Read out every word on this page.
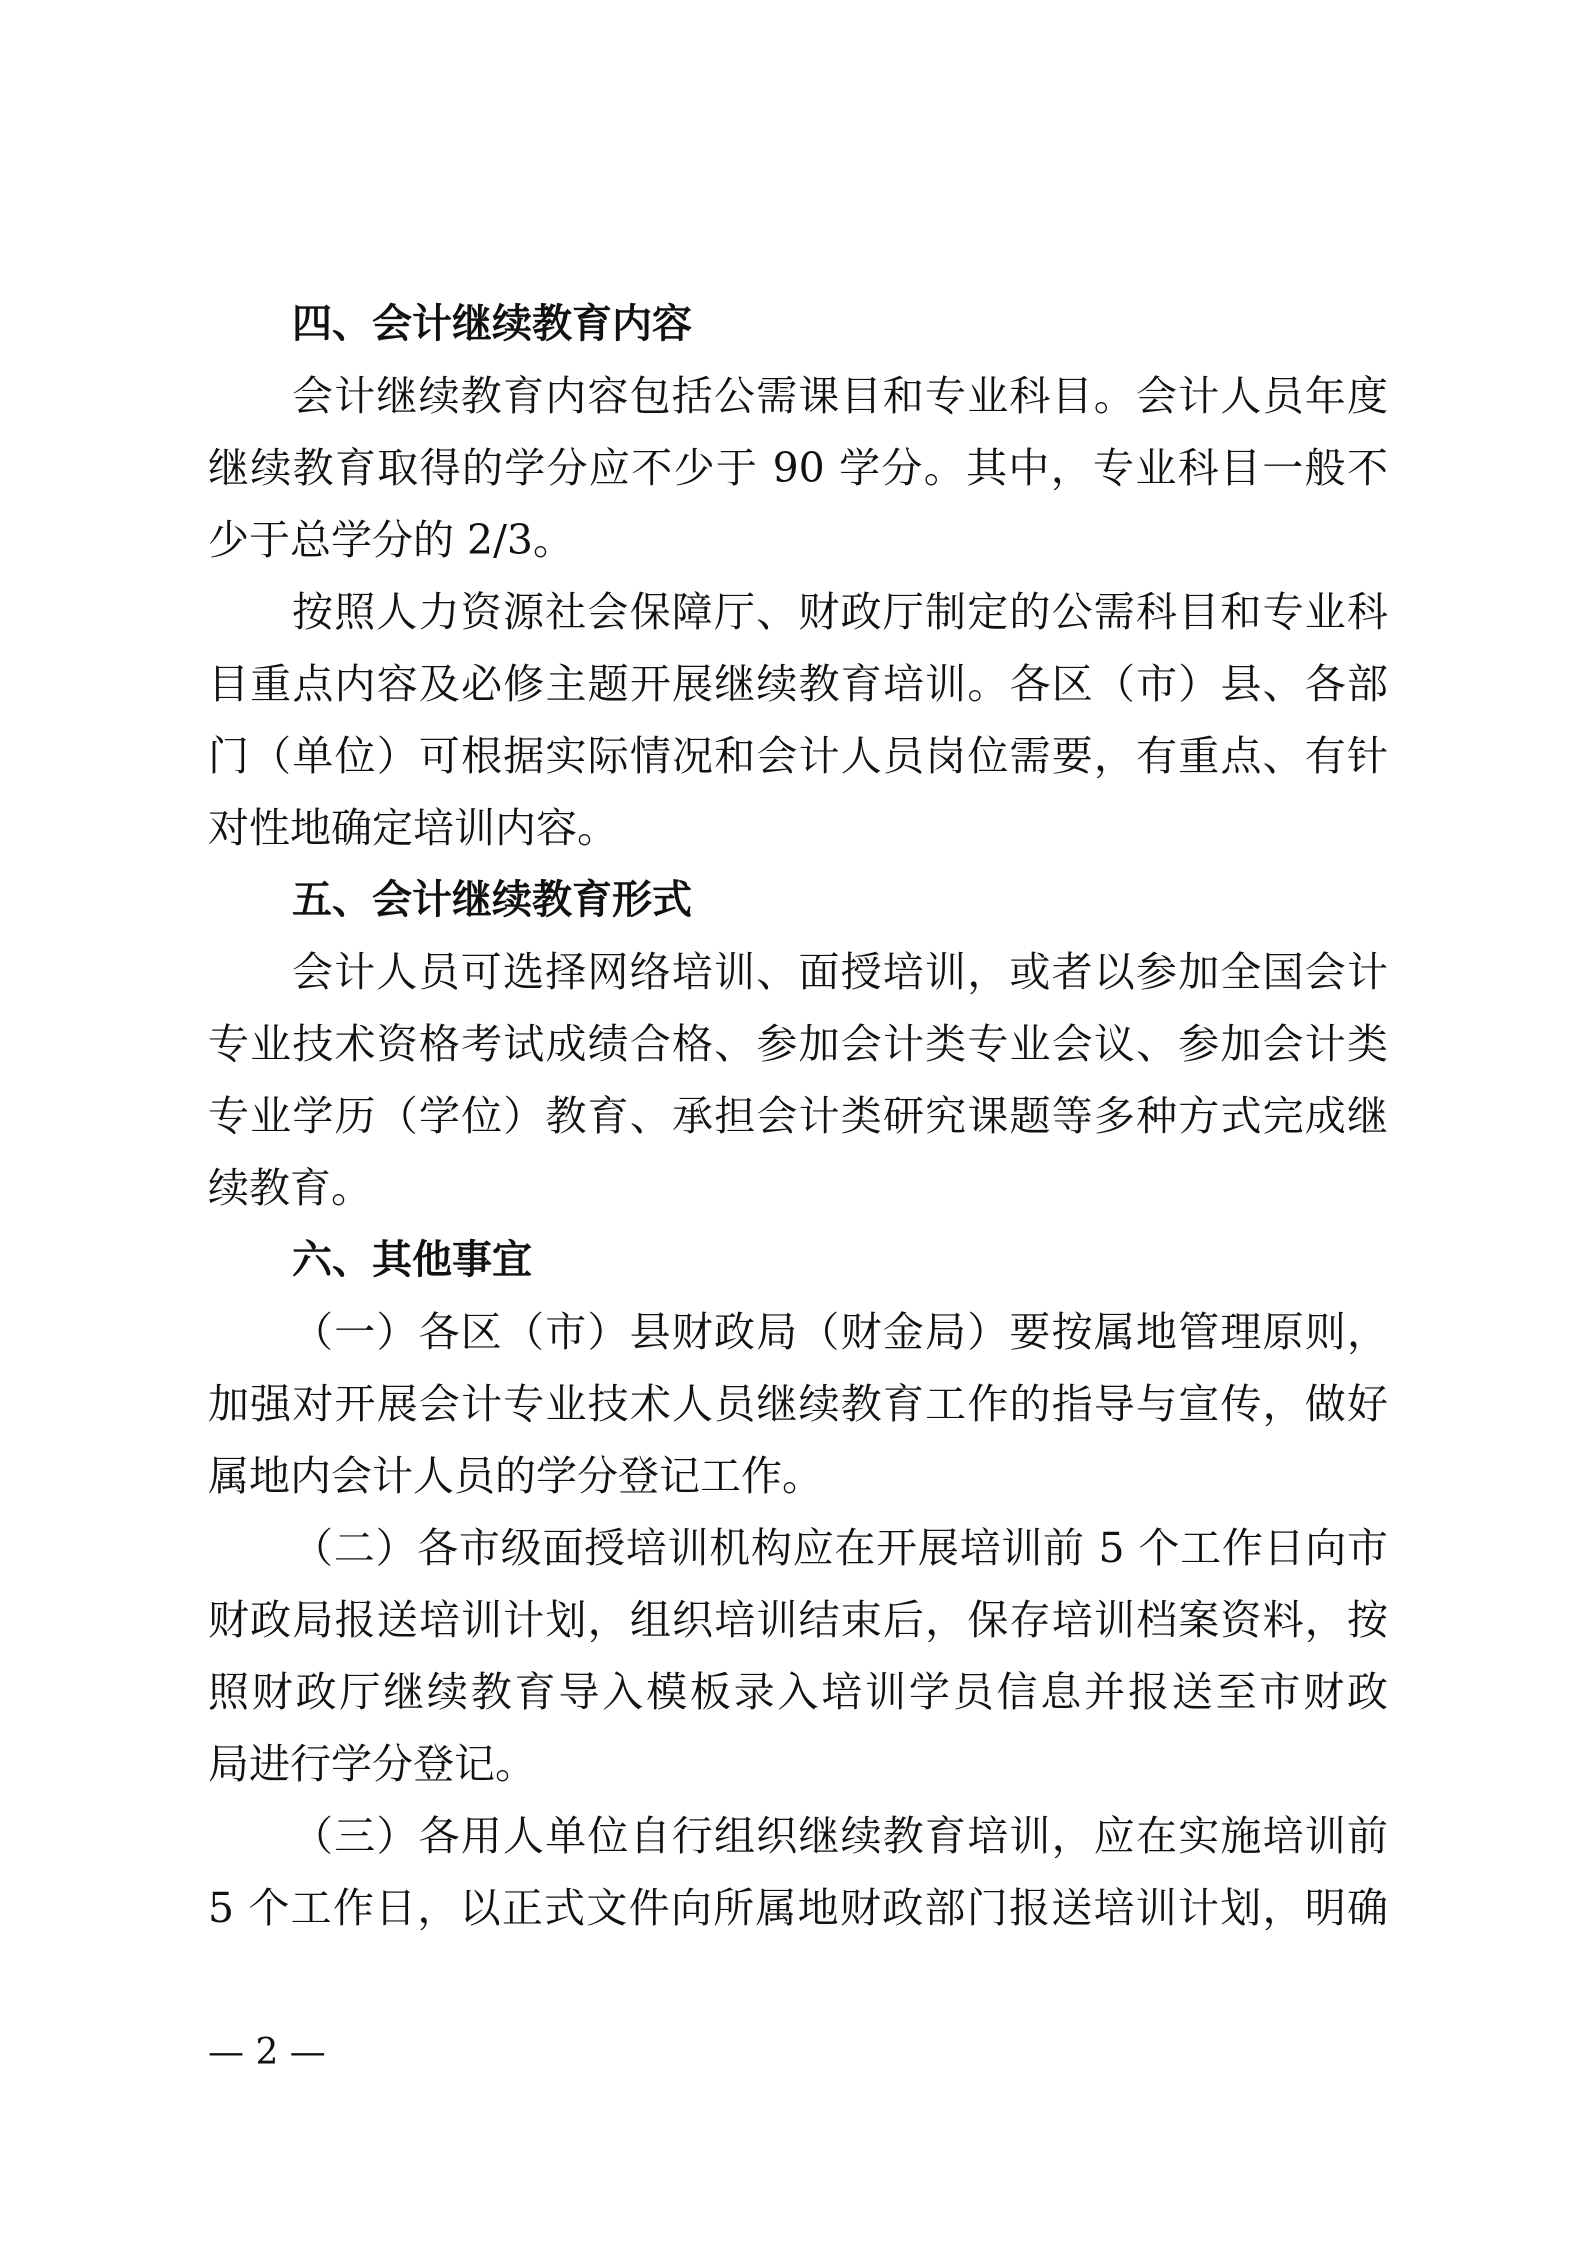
四、会计继续教育内容
会计继续教育内容包括公需课目和专业科目。会计人员年度
继续教育取得的学分应不少于 90 学分。其中，专业科目一般不
少于总学分的 2/3。
按照人力资源社会保障厅、财政厅制定的公需科目和专业科
目重点内容及必修主题开展继续教育培训。各区（市）县、各部
门（单位）可根据实际情况和会计人员岗位需要，有重点、有针
对性地确定培训内容。
五、会计继续教育形式
会计人员可选择网络培训、面授培训，或者以参加全国会计
专业技术资格考试成绩合格、参加会计类专业会议、参加会计类
专业学历（学位）教育、承担会计类研究课题等多种方式完成继
续教育。
六、其他事宜
（一）各区（市）县财政局（财金局）要按属地管理原则，
加强对开展会计专业技术人员继续教育工作的指导与宣传，做好
属地内会计人员的学分登记工作。
（二）各市级面授培训机构应在开展培训前 5 个工作日向市
财政局报送培训计划，组织培训结束后，保存培训档案资料，按
照财政厅继续教育导入模板录入培训学员信息并报送至市财政
局进行学分登记。
（三）各用人单位自行组织继续教育培训，应在实施培训前
5 个工作日，以正式文件向所属地财政部门报送培训计划，明确
— 2 —
